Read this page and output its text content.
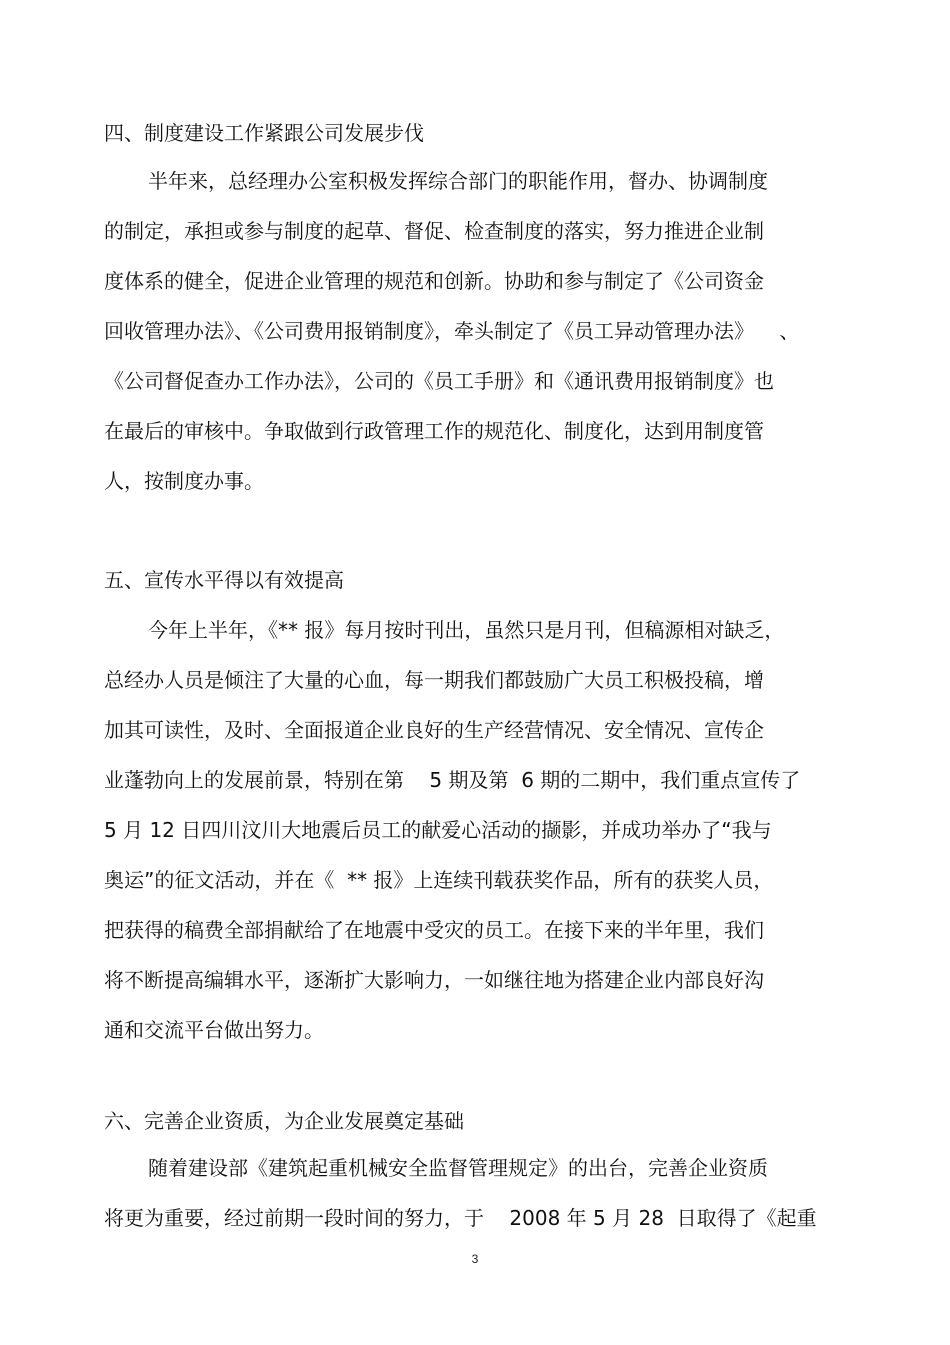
四、制度建设工作紧跟公司发展步伐
半年来，总经理办公室积极发挥综合部门的职能作用，督办、协调制度
的制定，承担或参与制度的起草、督促、检查制度的落实，努力推进企业制
度体系的健全，促进企业管理的规范和创新。协助和参与制定了《公司资金
回收管理办法》、《公司费用报销制度》，牵头制定了《员工异动管理办法》    、
《公司督促查办工作办法》，公司的《员工手册》和《通讯费用报销制度》也
在最后的审核中。争取做到行政管理工作的规范化、制度化，达到用制度管
人，按制度办事。
五、宣传水平得以有效提高
今年上半年，《** 报》每月按时刊出，虽然只是月刊，但稿源相对缺乏，
总经办人员是倾注了大量的心血，每一期我们都鼓励广大员工积极投稿，增
加其可读性，及时、全面报道企业良好的生产经营情况、安全情况、宣传企
业蓬勃向上的发展前景，特别在第    5 期及第  6 期的二期中，我们重点宣传了
5 月 12 日四川汶川大地震后员工的献爱心活动的撷影，并成功举办了“我与
奥运”的征文活动，并在《  ** 报》上连续刊载获奖作品，所有的获奖人员，
把获得的稿费全部捐献给了在地震中受灾的员工。在接下来的半年里，我们
将不断提高编辑水平，逐渐扩大影响力，一如继往地为搭建企业内部良好沟
通和交流平台做出努力。
六、完善企业资质，为企业发展奠定基础
随着建设部《建筑起重机械安全监督管理规定》的出台，完善企业资质
将更为重要，经过前期一段时间的努力，于    2008 年 5 月 28  日取得了《起重
3
